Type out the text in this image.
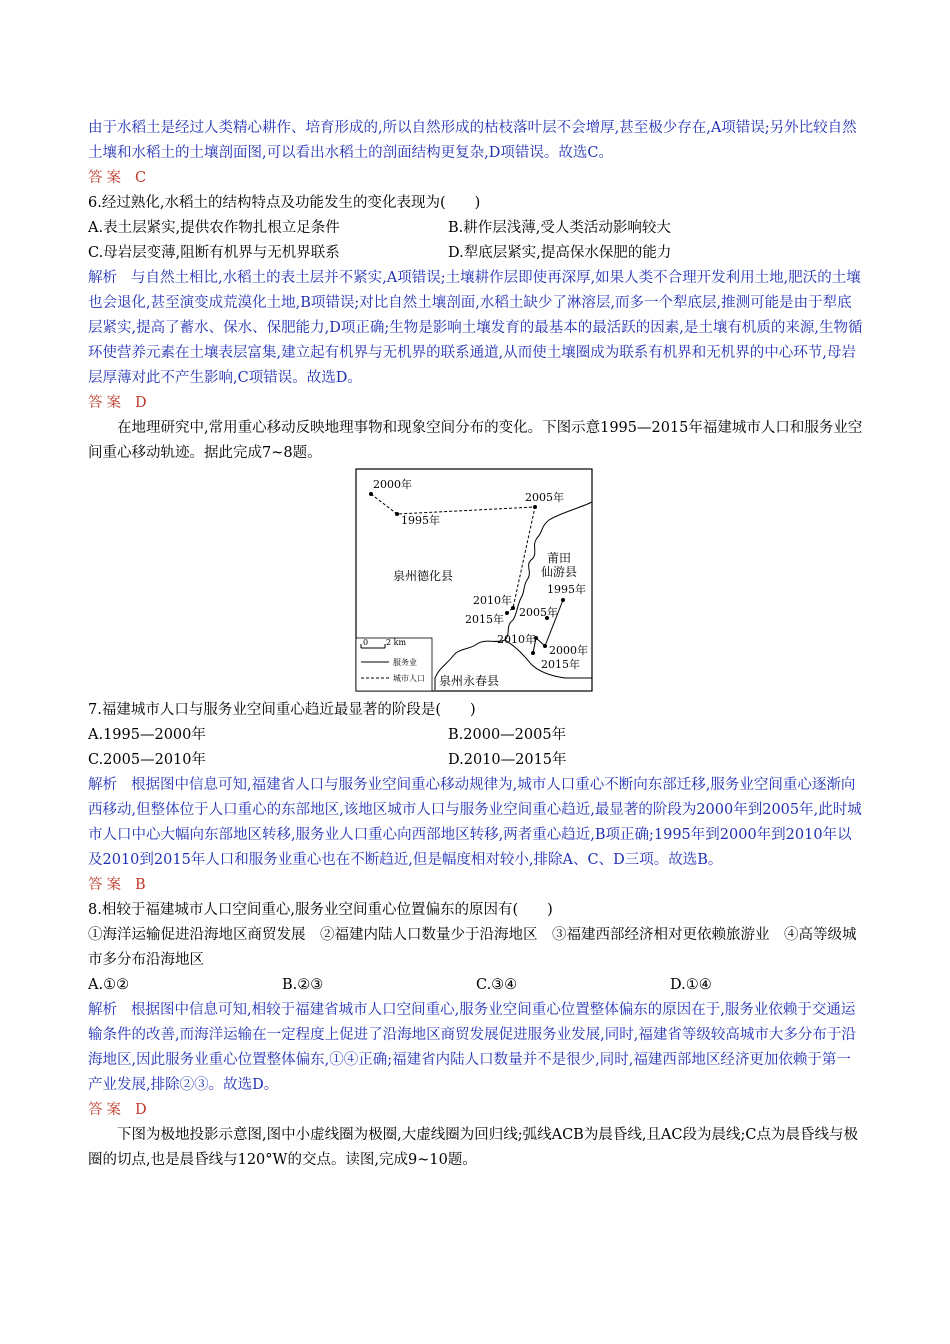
由于水稻土是经过人类精心耕作、培育形成的,所以自然形成的枯枝落叶层不会增厚,甚至极少存在,A项错误;另外比较自然土壤和水稻土的土壤剖面图,可以看出水稻土的剖面结构更复杂,D项错误。故选C。

答案 C

6.经过熟化,水稻土的结构特点及功能发生的变化表现为(　　)

A.表土层紧实,提供农作物扎根立足条件	B.耕作层浅薄,受人类活动影响较大
C.母岩层变薄,阻断有机界与无机界联系	D.犁底层紧实,提高保水保肥的能力

解析 与自然土相比,水稻土的表土层并不紧实,A项错误;土壤耕作层即使再深厚,如果人类不合理开发利用土地,肥沃的土壤也会退化,甚至演变成荒漠化土地,B项错误;对比自然土壤剖面,水稻土缺少了淋溶层,而多一个犁底层,推测可能是由于犁底层紧实,提高了蓄水、保水、保肥能力,D项正确;生物是影响土壤发育的最基本的最活跃的因素,是土壤有机质的来源,生物循环使营养元素在土壤表层富集,建立起有机界与无机界的联系通道,从而使土壤圈成为联系有机界和无机界的中心环节,母岩层厚薄对此不产生影响,C项错误。故选D。

答案 D

在地理研究中,常用重心移动反映地理事物和现象空间分布的变化。下图示意1995—2015年福建城市人口和服务业空间重心移动轨迹。据此完成7~8题。

2000年
1995年
2005年
泉州德化县
莆田
仙游县
1995年
2010年
2015年
2005年
2010年
2000年
2015年
泉州永春县
0 2 km
服务业
城市人口

7.福建城市人口与服务业空间重心趋近最显著的阶段是(　　)

A.1995—2000年	B.2000—2005年
C.2005—2010年	D.2010—2015年

解析 根据图中信息可知,福建省人口与服务业空间重心移动规律为,城市人口重心不断向东部迁移,服务业空间重心逐渐向西移动,但整体位于人口重心的东部地区,该地区城市人口与服务业空间重心趋近,最显著的阶段为2000年到2005年,此时城市人口中心大幅向东部地区转移,服务业人口重心向西部地区转移,两者重心趋近,B项正确;1995年到2000年到2010年以及2010到2015年人口和服务业重心也在不断趋近,但是幅度相对较小,排除A、C、D三项。故选B。

答案 B

8.相较于福建城市人口空间重心,服务业空间重心位置偏东的原因有(　　)

①海洋运输促进沿海地区商贸发展　②福建内陆人口数量少于沿海地区　③福建西部经济相对更依赖旅游业　④高等级城市多分布沿海地区

A.①②	B.②③	C.③④	D.①④

解析 根据图中信息可知,相较于福建省城市人口空间重心,服务业空间重心位置整体偏东的原因在于,服务业依赖于交通运输条件的改善,而海洋运输在一定程度上促进了沿海地区商贸发展促进服务业发展,同时,福建省等级较高城市大多分布于沿海地区,因此服务业重心位置整体偏东,①④正确;福建省内陆人口数量并不是很少,同时,福建西部地区经济更加依赖于第一产业发展,排除②③。故选D。

答案 D

下图为极地投影示意图,图中小虚线圈为极圈,大虚线圈为回归线;弧线ACB为晨昏线,且AC段为晨线;C点为晨昏线与极圈的切点,也是晨昏线与120°W的交点。读图,完成9~10题。
